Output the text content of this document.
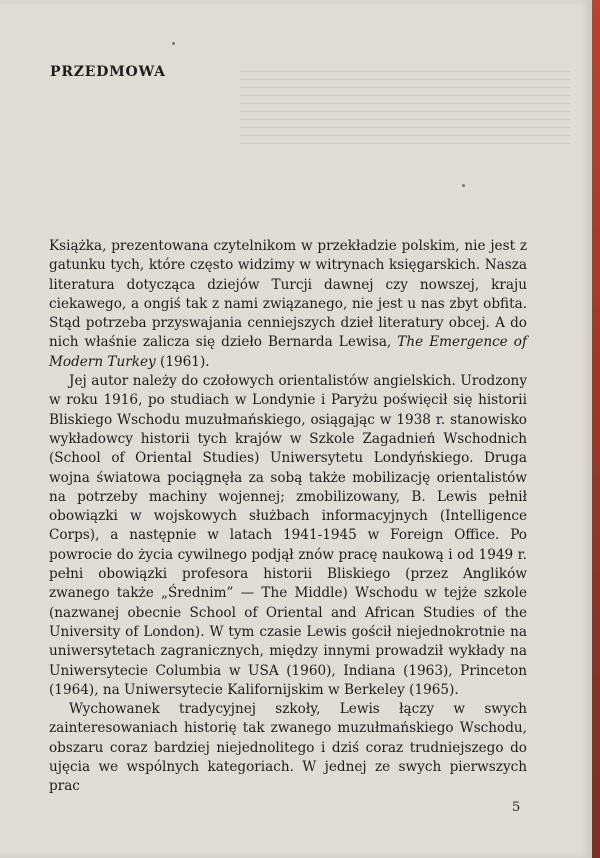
PRZEDMOWA

Książka, prezentowana czytelnikom w przekładzie polskim, nie jest z gatunku tych, które często widzimy w witrynach księgarskich. Nasza literatura dotycząca dziejów Turcji dawnej czy nowszej, kraju ciekawego, a ongiś tak z nami związanego, nie jest u nas zbyt obfita. Stąd potrzeba przyswajania cenniejszych dzieł literatury obcej. A do nich właśnie zalicza się dzieło Bernarda Lewisa, The Emergence of Modern Turkey (1961).

Jej autor należy do czołowych orientalistów angielskich. Urodzony w roku 1916, po studiach w Londynie i Paryżu poświęcił się historii Bliskiego Wschodu muzułmańskiego, osiągając w 1938 r. stanowisko wykładowcy historii tych krajów w Szkole Zagadnień Wschodnich (School of Oriental Studies) Uniwersytetu Londyńskiego. Druga wojna światowa pociągnęła za sobą także mobilizację orientalistów na potrzeby machiny wojennej; zmobilizowany, B. Lewis pełnił obowiązki w wojskowych służbach informacyjnych (Intelligence Corps), a następnie w latach 1941-1945 w Foreign Office. Po powrocie do życia cywilnego podjął znów pracę naukową i od 1949 r. pełni obowiązki profesora historii Bliskiego (przez Anglików zwanego także „Średnim” — The Middle) Wschodu w tejże szkole (nazwanej obecnie School of Oriental and African Studies of the University of London). W tym czasie Lewis gościł niejednokrotnie na uniwersytetach zagranicznych, między innymi prowadził wykłady na Uniwersytecie Columbia w USA (1960), Indiana (1963), Princeton (1964), na Uniwersytecie Kalifornijskim w Berkeley (1965).

Wychowanek tradycyjnej szkoły, Lewis łączy w swych zainteresowaniach historię tak zwanego muzułmańskiego Wschodu, obszaru coraz bardziej niejednolitego i dziś coraz trudniejszego do ujęcia we wspólnych kategoriach. W jednej ze swych pierwszych prac

5
